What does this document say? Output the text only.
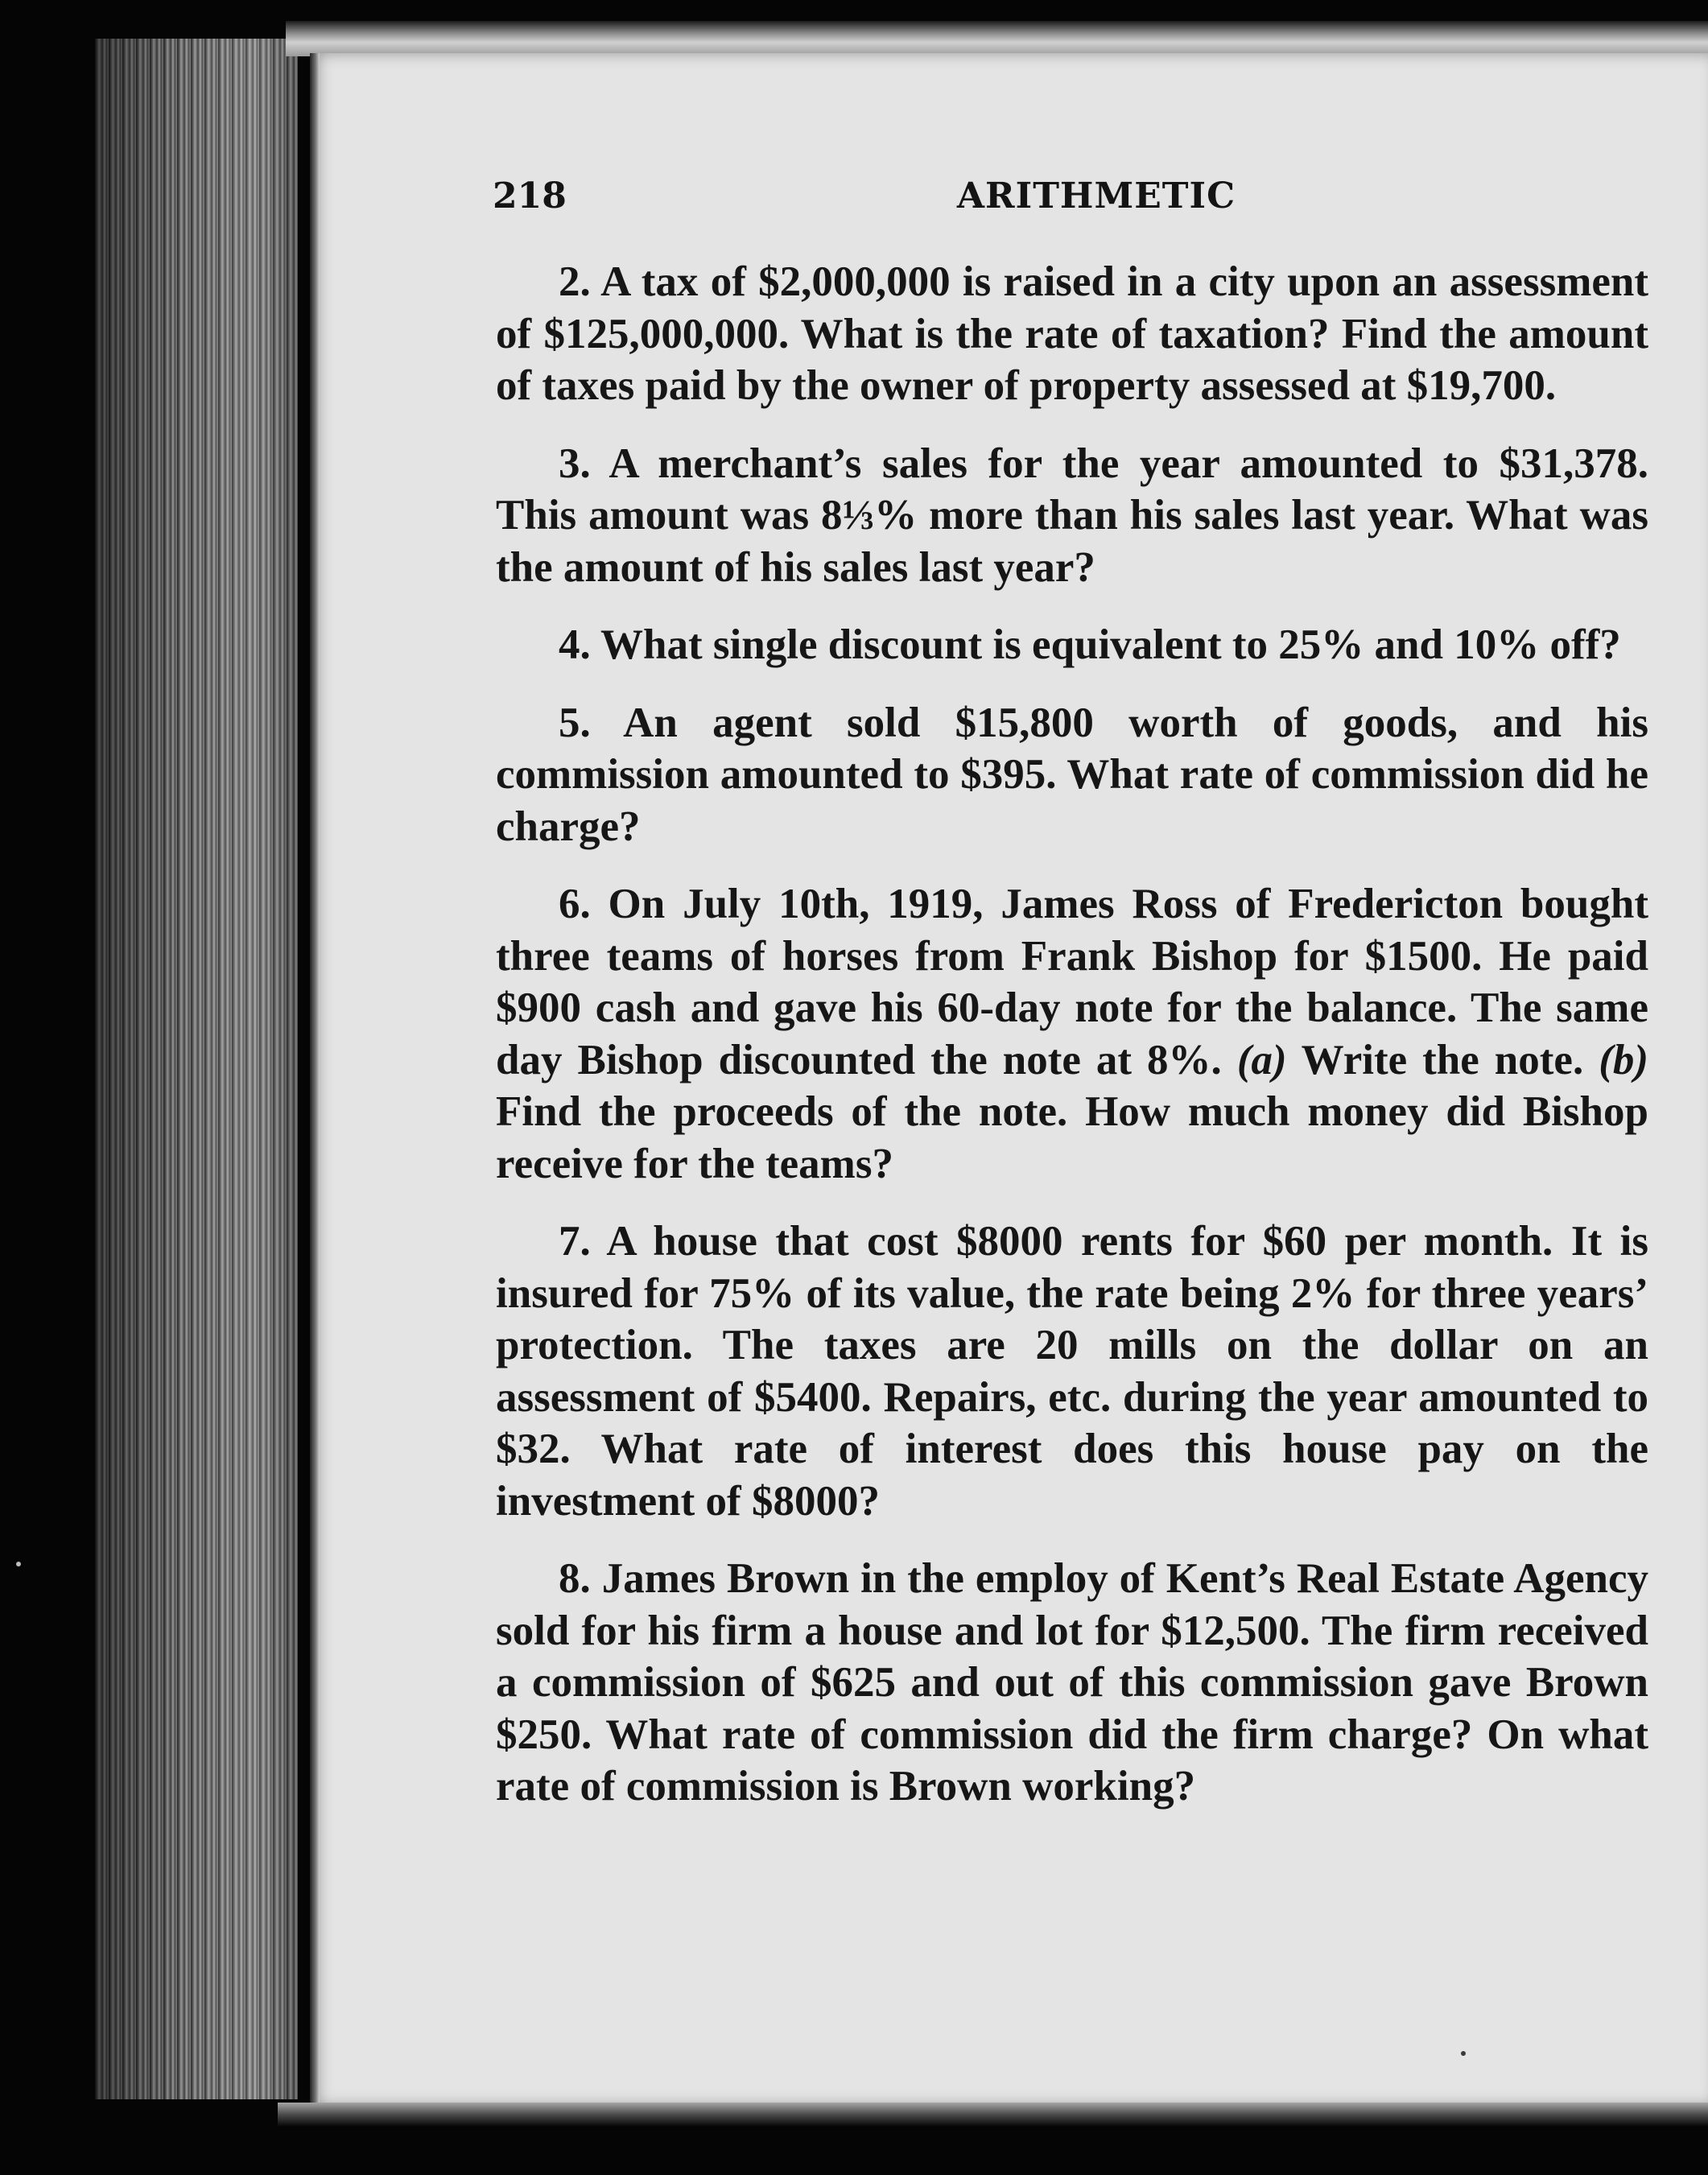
218	ARITHMETIC

2. A tax of $2,000,000 is raised in a city upon an assessment of $125,000,000. What is the rate of taxation? Find the amount of taxes paid by the owner of property assessed at $19,700.

3. A merchant’s sales for the year amounted to $31,378. This amount was 8⅓% more than his sales last year. What was the amount of his sales last year?

4. What single discount is equivalent to 25% and 10% off?

5. An agent sold $15,800 worth of goods, and his commission amounted to $395. What rate of commission did he charge?

6. On July 10th, 1919, James Ross of Fredericton bought three teams of horses from Frank Bishop for $1500. He paid $900 cash and gave his 60-day note for the balance. The same day Bishop discounted the note at 8%. (a) Write the note. (b) Find the proceeds of the note. How much money did Bishop receive for the teams?

7. A house that cost $8000 rents for $60 per month. It is insured for 75% of its value, the rate being 2% for three years’ protection. The taxes are 20 mills on the dollar on an assessment of $5400. Repairs, etc. during the year amounted to $32. What rate of interest does this house pay on the investment of $8000?

8. James Brown in the employ of Kent’s Real Estate Agency sold for his firm a house and lot for $12,500. The firm received a commission of $625 and out of this commission gave Brown $250. What rate of commission did the firm charge? On what rate of commission is Brown working?
